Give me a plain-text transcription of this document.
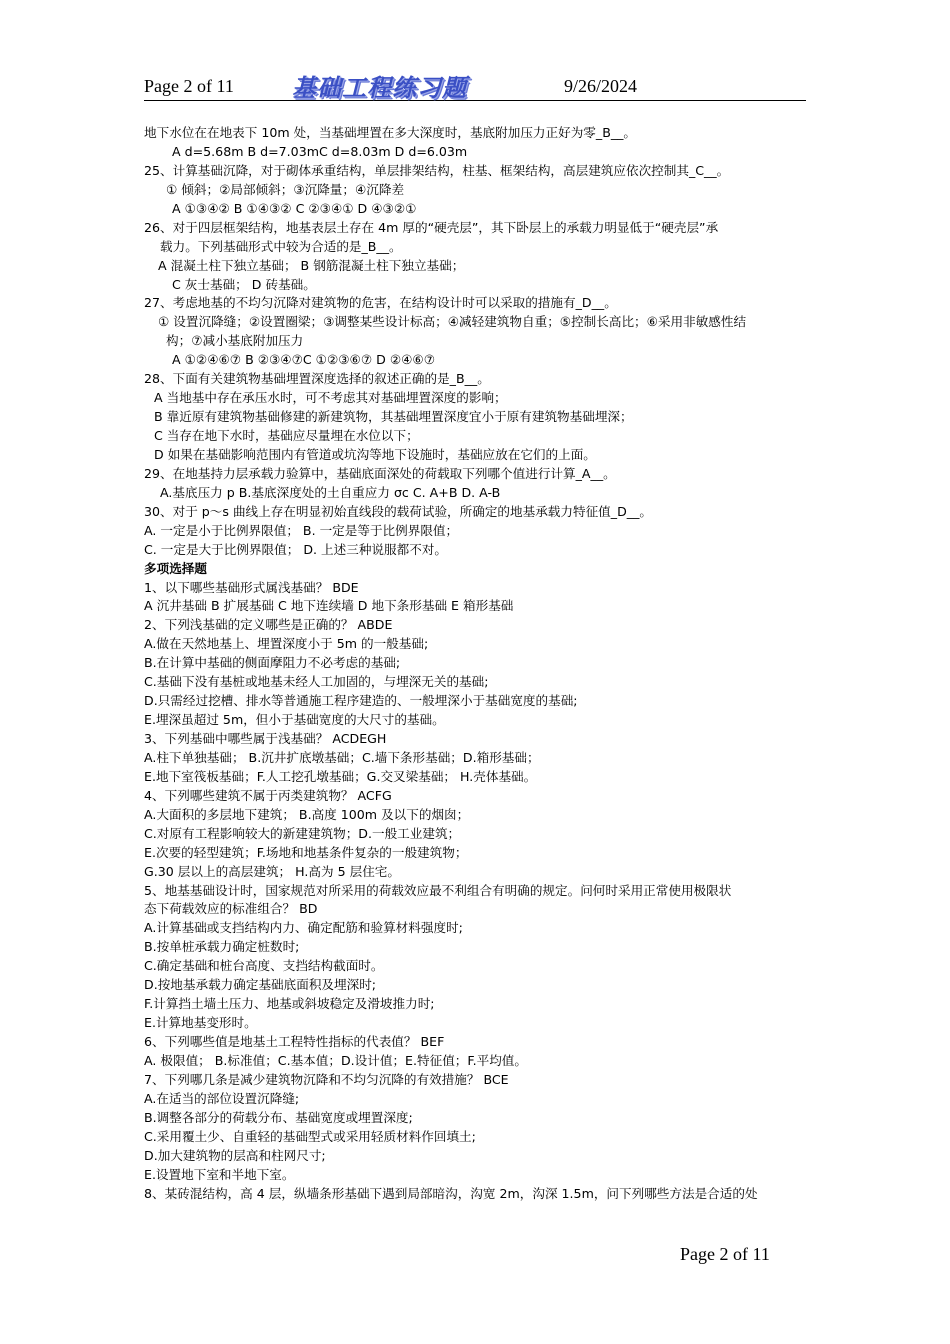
Page 2 of 11 基础工程练习题	9/26/2024
地下水位在在地表下 10m 处，当基础埋置在多大深度时，基底附加压力正好为零_B__。
A d=5.68m B d=7.03mC d=8.03m D d=6.03m
25、计算基础沉降，对于砌体承重结构，单层排架结构，柱基、框架结构，高层建筑应依次控制其_C__。
① 倾斜；②局部倾斜；③沉降量；④沉降差
A ①③④② B ①④③② C ②③④① D ④③②①
26、对于四层框架结构，地基表层土存在 4m 厚的“硬壳层”，其下卧层上的承载力明显低于“硬壳层”承
载力。下列基础形式中较为合适的是_B__。
A 混凝土柱下独立基础； B 钢筋混凝土柱下独立基础；
C 灰士基础； D 砖基础。
27、考虑地基的不均匀沉降对建筑物的危害，在结构设计时可以采取的措施有_D__。
① 设置沉降缝；②设置圈梁；③调整某些设计标高；④减轻建筑物自重；⑤控制长高比；⑥采用非敏感性结
构；⑦减小基底附加压力
A ①②④⑥⑦ B ②③④⑦C ①②③⑥⑦ D ②④⑥⑦
28、下面有关建筑物基础埋置深度选择的叙述正确的是_B__。
A 当地基中存在承压水时，可不考虑其对基础埋置深度的影响；
B 靠近原有建筑物基础修建的新建筑物，其基础埋置深度宜小于原有建筑物基础埋深；
C 当存在地下水时，基础应尽量埋在水位以下；
D 如果在基础影响范围内有管道或坑沟等地下设施时，基础应放在它们的上面。
29、在地基持力层承载力验算中，基础底面深处的荷载取下列哪个值进行计算_A__。
A.基底压力 p B.基底深度处的土自重应力 σc C. A+B D. A-B
30、对于 p～s 曲线上存在明显初始直线段的载荷试验，所确定的地基承载力特征值_D__。
A. 一定是小于比例界限值； B. 一定是等于比例界限值；
C. 一定是大于比例界限值； D. 上述三种说服都不对。
多项选择题
1、以下哪些基础形式属浅基础？ BDE
A 沉井基础 B 扩展基础 C 地下连续墙 D 地下条形基础 E 箱形基础
2、下列浅基础的定义哪些是正确的？ ABDE
A.做在天然地基上、埋置深度小于 5m 的一般基础;
B.在计算中基础的侧面摩阻力不必考虑的基础;
C.基础下没有基桩或地基未经人工加固的，与埋深无关的基础;
D.只需经过挖槽、排水等普通施工程序建造的、一般埋深小于基础宽度的基础;
E.埋深虽超过 5m，但小于基础宽度的大尺寸的基础。
3、下列基础中哪些属于浅基础？ ACDEGH
A.柱下单独基础； B.沉井扩底墩基础；C.墙下条形基础；D.箱形基础；
E.地下室筏板基础；F.人工挖孔墩基础；G.交叉梁基础； H.壳体基础。
4、下列哪些建筑不属于丙类建筑物？ ACFG
A.大面积的多层地下建筑； B.高度 100m 及以下的烟囱；
C.对原有工程影响较大的新建建筑物；D.一般工业建筑；
E.次要的轻型建筑；F.场地和地基条件复杂的一般建筑物；
G.30 层以上的高层建筑； H.高为 5 层住宅。
5、地基基础设计时，国家规范对所采用的荷载效应最不利组合有明确的规定。问何时采用正常使用极限状
态下荷载效应的标准组合？ BD
A.计算基础或支挡结构内力、确定配筋和验算材料强度时;
B.按单桩承载力确定桩数时;
C.确定基础和桩台高度、支挡结构截面时。
D.按地基承载力确定基础底面积及埋深时;
F.计算挡土墙土压力、地基或斜坡稳定及滑坡推力时;
E.计算地基变形时。
6、下列哪些值是地基土工程特性指标的代表值？ BEF
A. 极限值； B.标准值；C.基本值；D.设计值；E.特征值；F.平均值。
7、下列哪几条是减少建筑物沉降和不均匀沉降的有效措施？ BCE
A.在适当的部位设置沉降缝;
B.调整各部分的荷载分布、基础宽度或埋置深度;
C.采用覆土少、自重轻的基础型式或采用轻质材料作回填土;
D.加大建筑物的层高和柱网尺寸;
E.设置地下室和半地下室。
8、某砖混结构，高 4 层，纵墙条形基础下遇到局部暗沟，沟宽 2m，沟深 1.5m，问下列哪些方法是合适的处
Page 2 of 11
